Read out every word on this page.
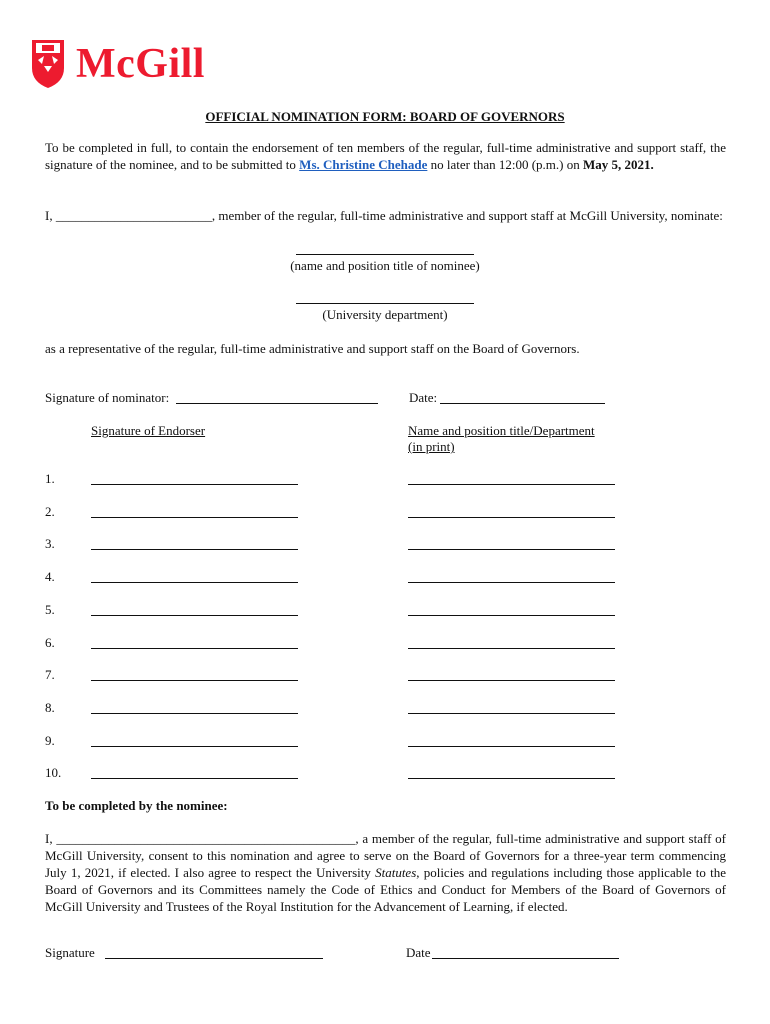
McGill
OFFICIAL NOMINATION FORM: BOARD OF GOVERNORS
To be completed in full, to contain the endorsement of ten members of the regular, full-time administrative and support staff, the signature of the nominee, and to be submitted to Ms. Christine Chehade no later than 12:00 (p.m.) on May 5, 2021.
I, ________________________, member of the regular, full-time administrative and support staff at McGill University, nominate:
(name and position title of nominee)
(University department)
as a representative of the regular, full-time administrative and support staff on the Board of Governors.
Signature of nominator:	Date:
Signature of Endorser	Name and position title/Department
(in print)
1.
2.
3.
4.
5.
6.
7.
8.
9.
10.
To be completed by the nominee:
I, ______________________________________________, a member of the regular, full-time administrative and support staff of McGill University, consent to this nomination and agree to serve on the Board of Governors for a three-year term commencing July 1, 2021, if elected. I also agree to respect the University Statutes, policies and regulations including those applicable to the Board of Governors and its Committees namely the Code of Ethics and Conduct for Members of the Board of Governors of McGill University and Trustees of the Royal Institution for the Advancement of Learning, if elected.
Signature	Date
